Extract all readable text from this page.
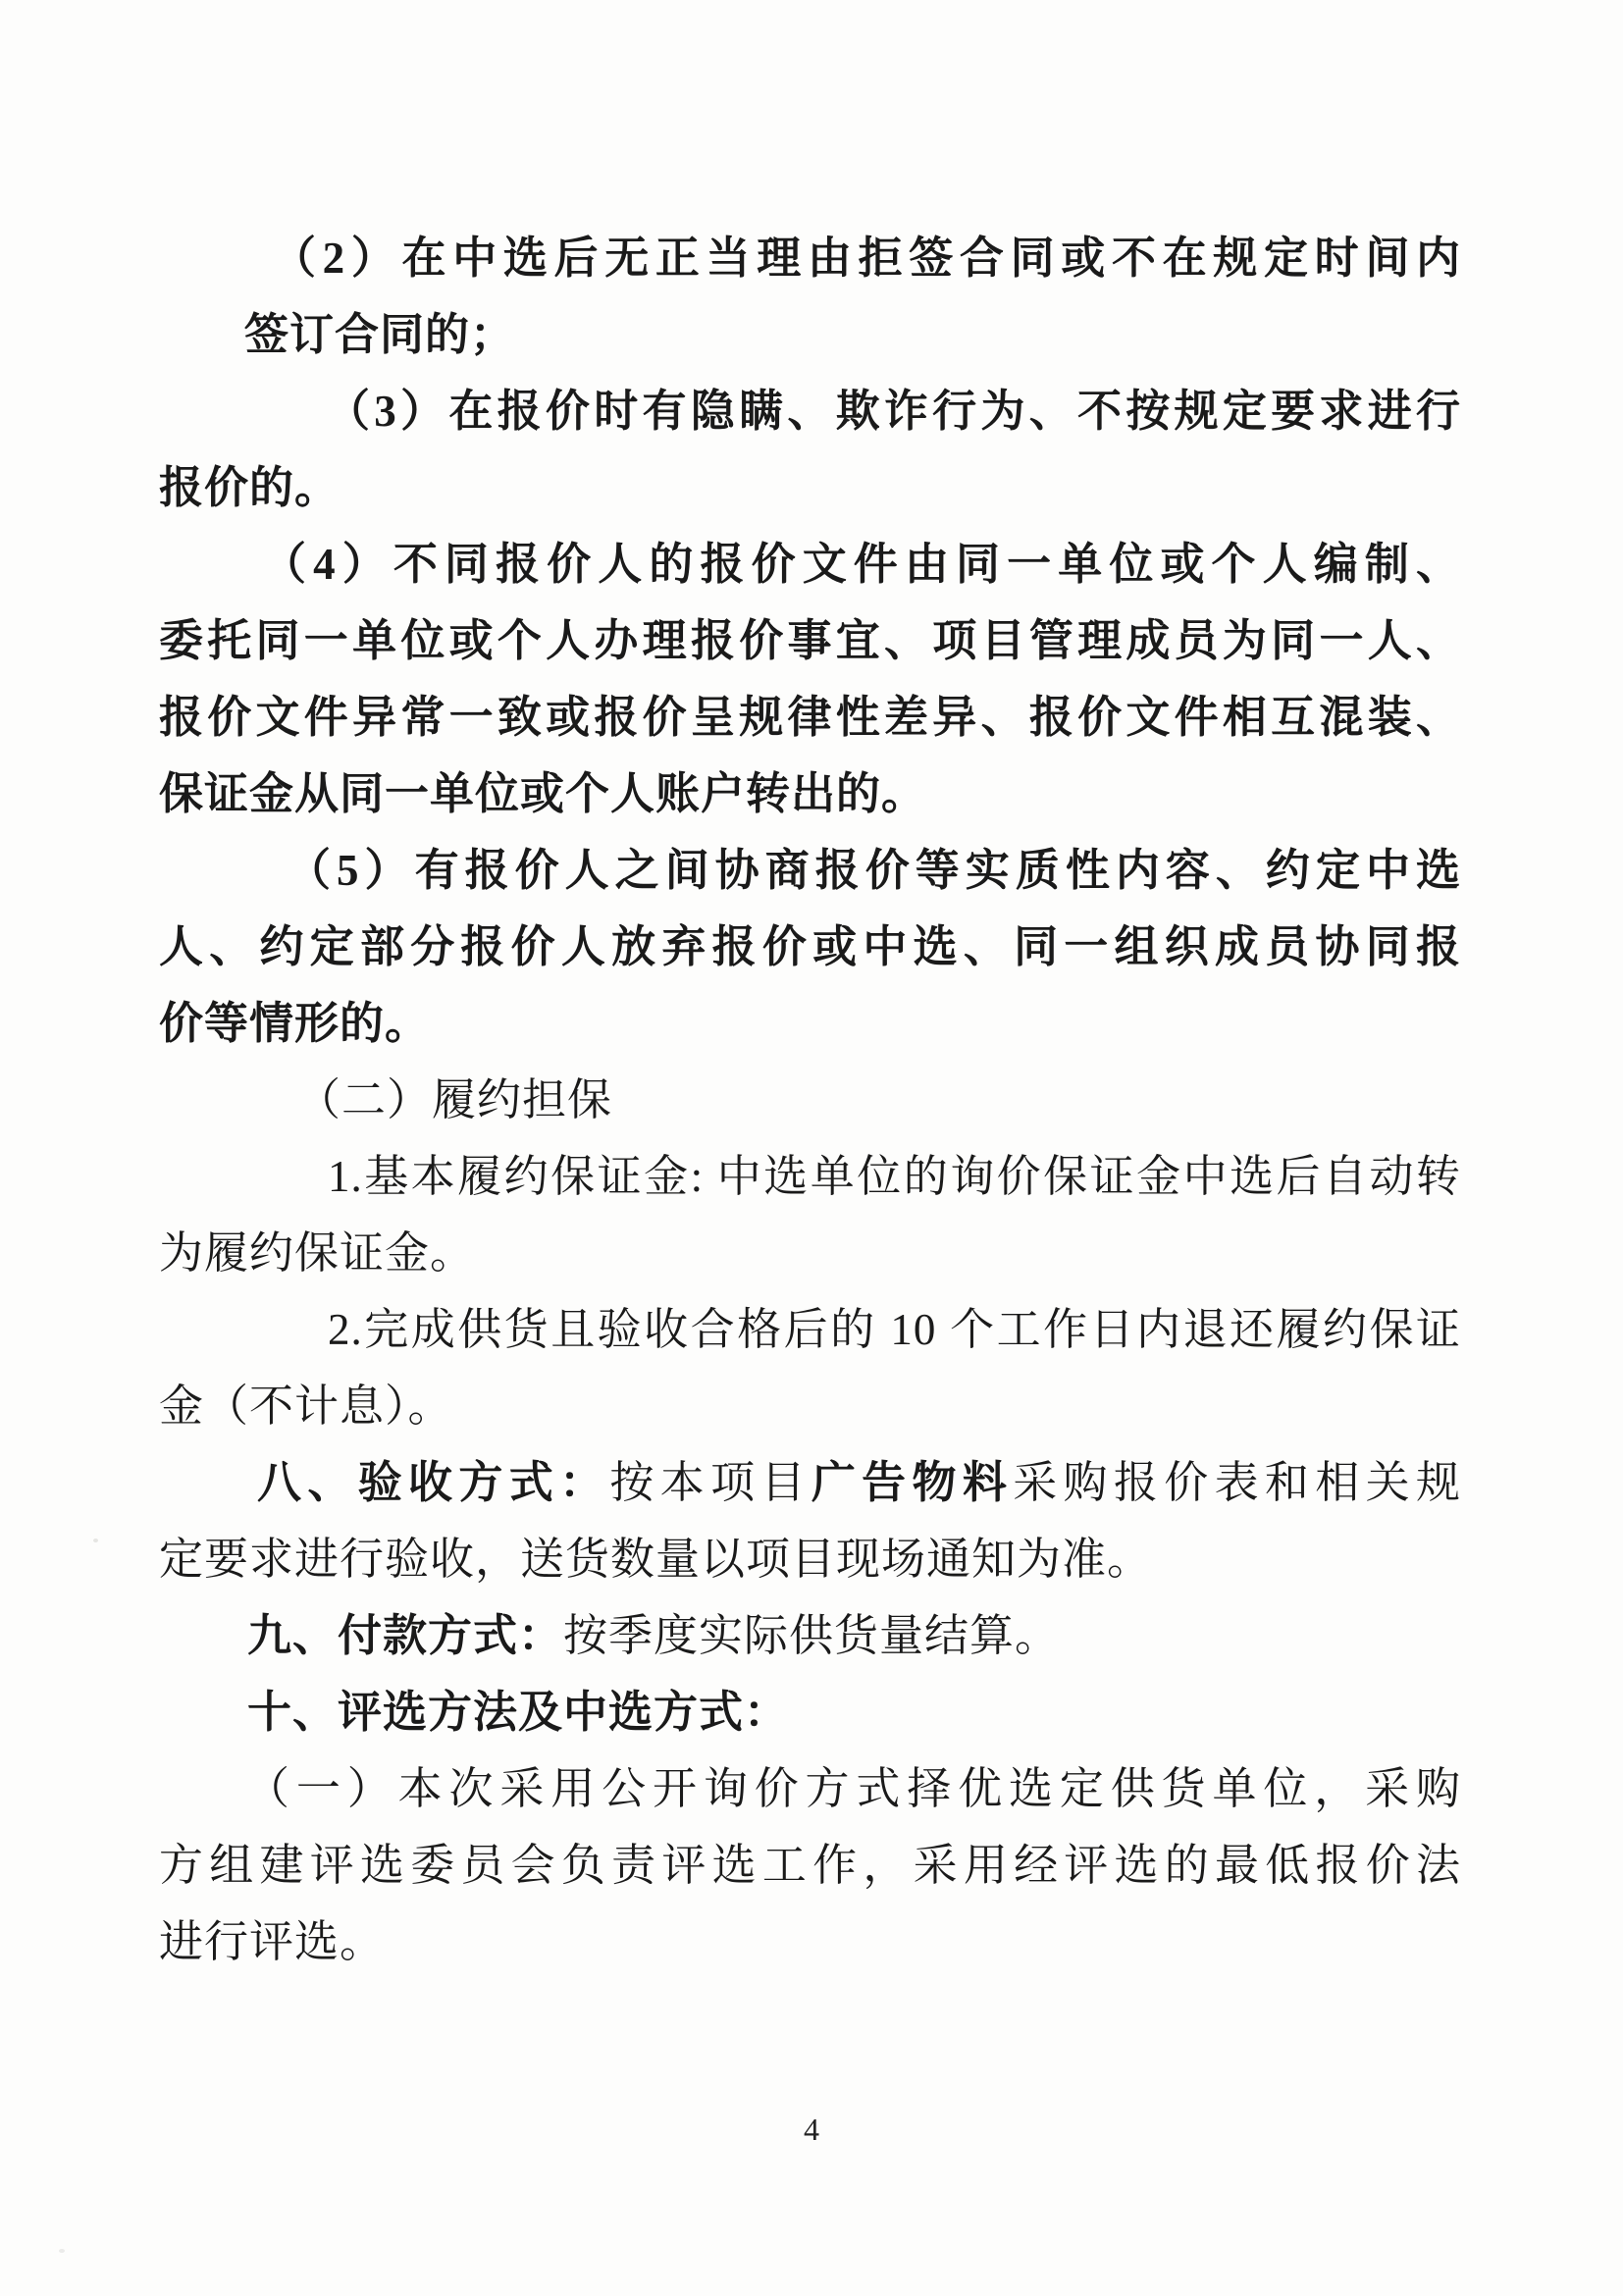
（2）在中选后无正当理由拒签合同或不在规定时间内
签订合同的；
（3）在报价时有隐瞒、欺诈行为、不按规定要求进行
报价的。
（4）不同报价人的报价文件由同一单位或个人编制、
委托同一单位或个人办理报价事宜、项目管理成员为同一人、
报价文件异常一致或报价呈规律性差异、报价文件相互混装、
保证金从同一单位或个人账户转出的。
（5）有报价人之间协商报价等实质性内容、约定中选
人、约定部分报价人放弃报价或中选、同一组织成员协同报
价等情形的。
（二）履约担保
1.基本履约保证金: 中选单位的询价保证金中选后自动转
为履约保证金。
2.完成供货且验收合格后的 10 个工作日内退还履约保证
金（不计息）。
八、验收方式：按本项目广告物料采购报价表和相关规
定要求进行验收，送货数量以项目现场通知为准。
九、付款方式：按季度实际供货量结算。
十、评选方法及中选方式：
（一）本次采用公开询价方式择优选定供货单位，采购
方组建评选委员会负责评选工作，采用经评选的最低报价法
进行评选。
4
